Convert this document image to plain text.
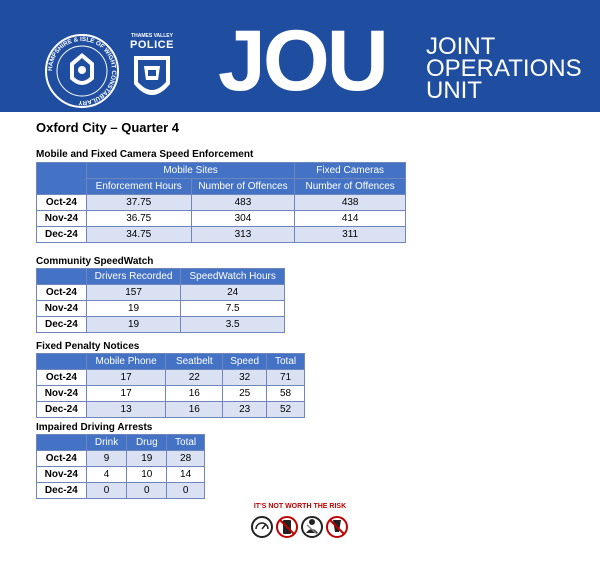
HAMPSHIRE & ISLE OF WIGHT CONSTABULARY
THAMES VALLEY
POLICE JOU JOINT
OPERATIONS
UNIT
Oxford City – Quarter 4
Mobile and Fixed Camera Speed Enforcement
	Mobile Sites		Fixed Cameras
	Enforcement Hours	Number of Offences	Number of Offences
Oct-24	37.75	483	438
Nov-24	36.75	304	414
Dec-24	34.75	313	311
Community SpeedWatch
	Drivers Recorded	SpeedWatch Hours
Oct-24	157	24
Nov-24	19	7.5
Dec-24	19	3.5
Fixed Penalty Notices
	Mobile Phone	Seatbelt	Speed	Total
Oct-24	17	22	32	71
Nov-24	17	16	25	58
Dec-24	13	16	23	52
Impaired Driving Arrests
	Drink	Drug	Total
Oct-24	9	19	28
Nov-24	4	10	14
Dec-24	0	0	0
IT'S NOT WORTH THE RISK
